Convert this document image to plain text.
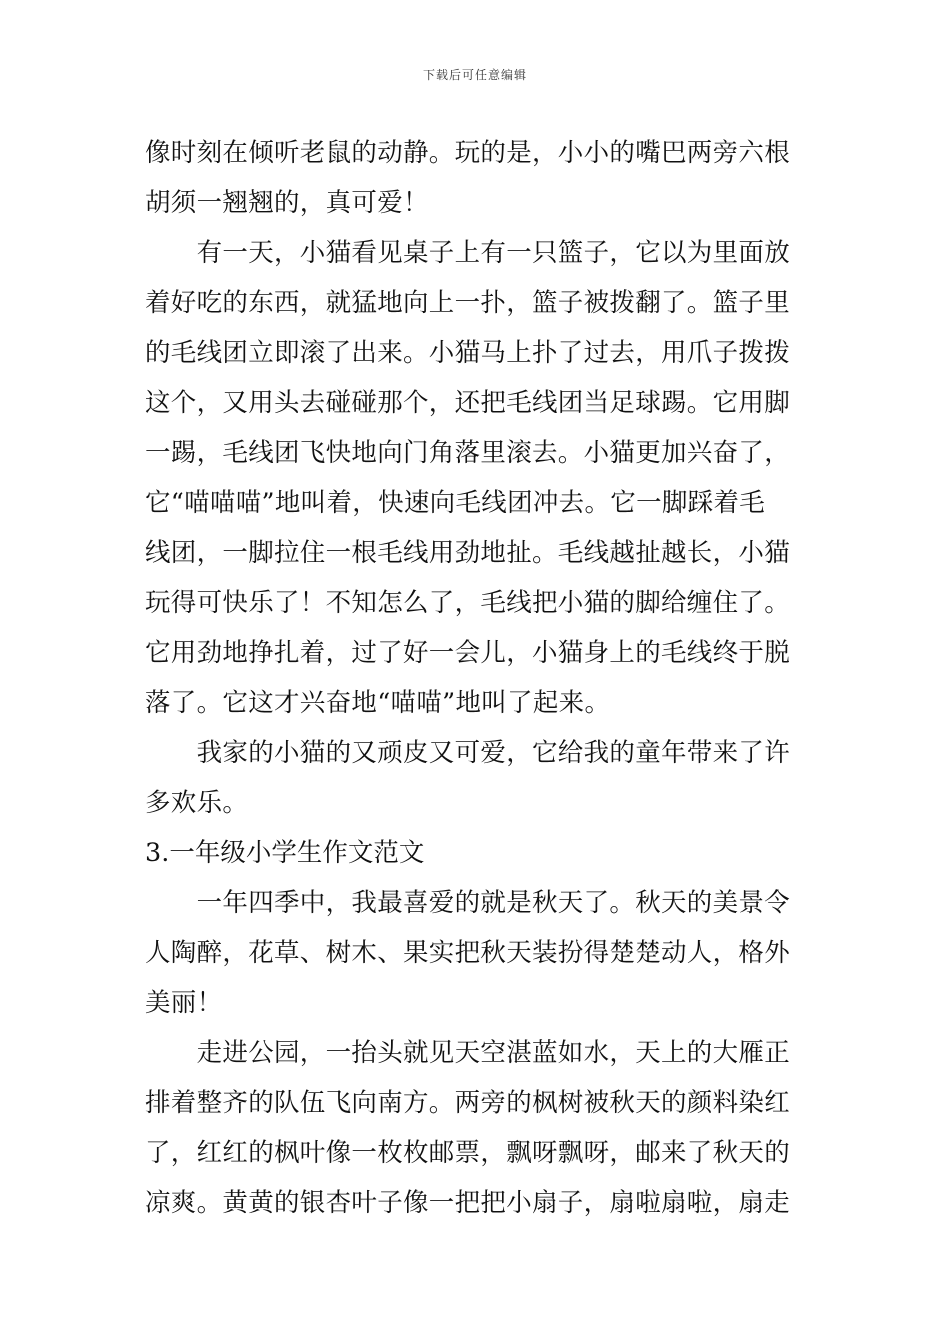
下载后可任意编辑
像时刻在倾听老鼠的动静。玩的是，小小的嘴巴两旁六根
胡须一翘翘的，真可爱！
　　有一天，小猫看见桌子上有一只篮子，它以为里面放
着好吃的东西，就猛地向上一扑，篮子被拨翻了。篮子里
的毛线团立即滚了出来。小猫马上扑了过去，用爪子拨拨
这个，又用头去碰碰那个，还把毛线团当足球踢。它用脚
一踢，毛线团飞快地向门角落里滚去。小猫更加兴奋了，
它“喵喵喵”地叫着，快速向毛线团冲去。它一脚踩着毛
线团，一脚拉住一根毛线用劲地扯。毛线越扯越长，小猫
玩得可快乐了！不知怎么了，毛线把小猫的脚给缠住了。
它用劲地挣扎着，过了好一会儿，小猫身上的毛线终于脱
落了。它这才兴奋地“喵喵”地叫了起来。
　　我家的小猫的又顽皮又可爱，它给我的童年带来了许
多欢乐。
3.一年级小学生作文范文
　　一年四季中，我最喜爱的就是秋天了。秋天的美景令
人陶醉，花草、树木、果实把秋天装扮得楚楚动人，格外
美丽！
　　走进公园，一抬头就见天空湛蓝如水，天上的大雁正
排着整齐的队伍飞向南方。两旁的枫树被秋天的颜料染红
了，红红的枫叶像一枚枚邮票，飘呀飘呀，邮来了秋天的
凉爽。黄黄的银杏叶子像一把把小扇子，扇啦扇啦，扇走
